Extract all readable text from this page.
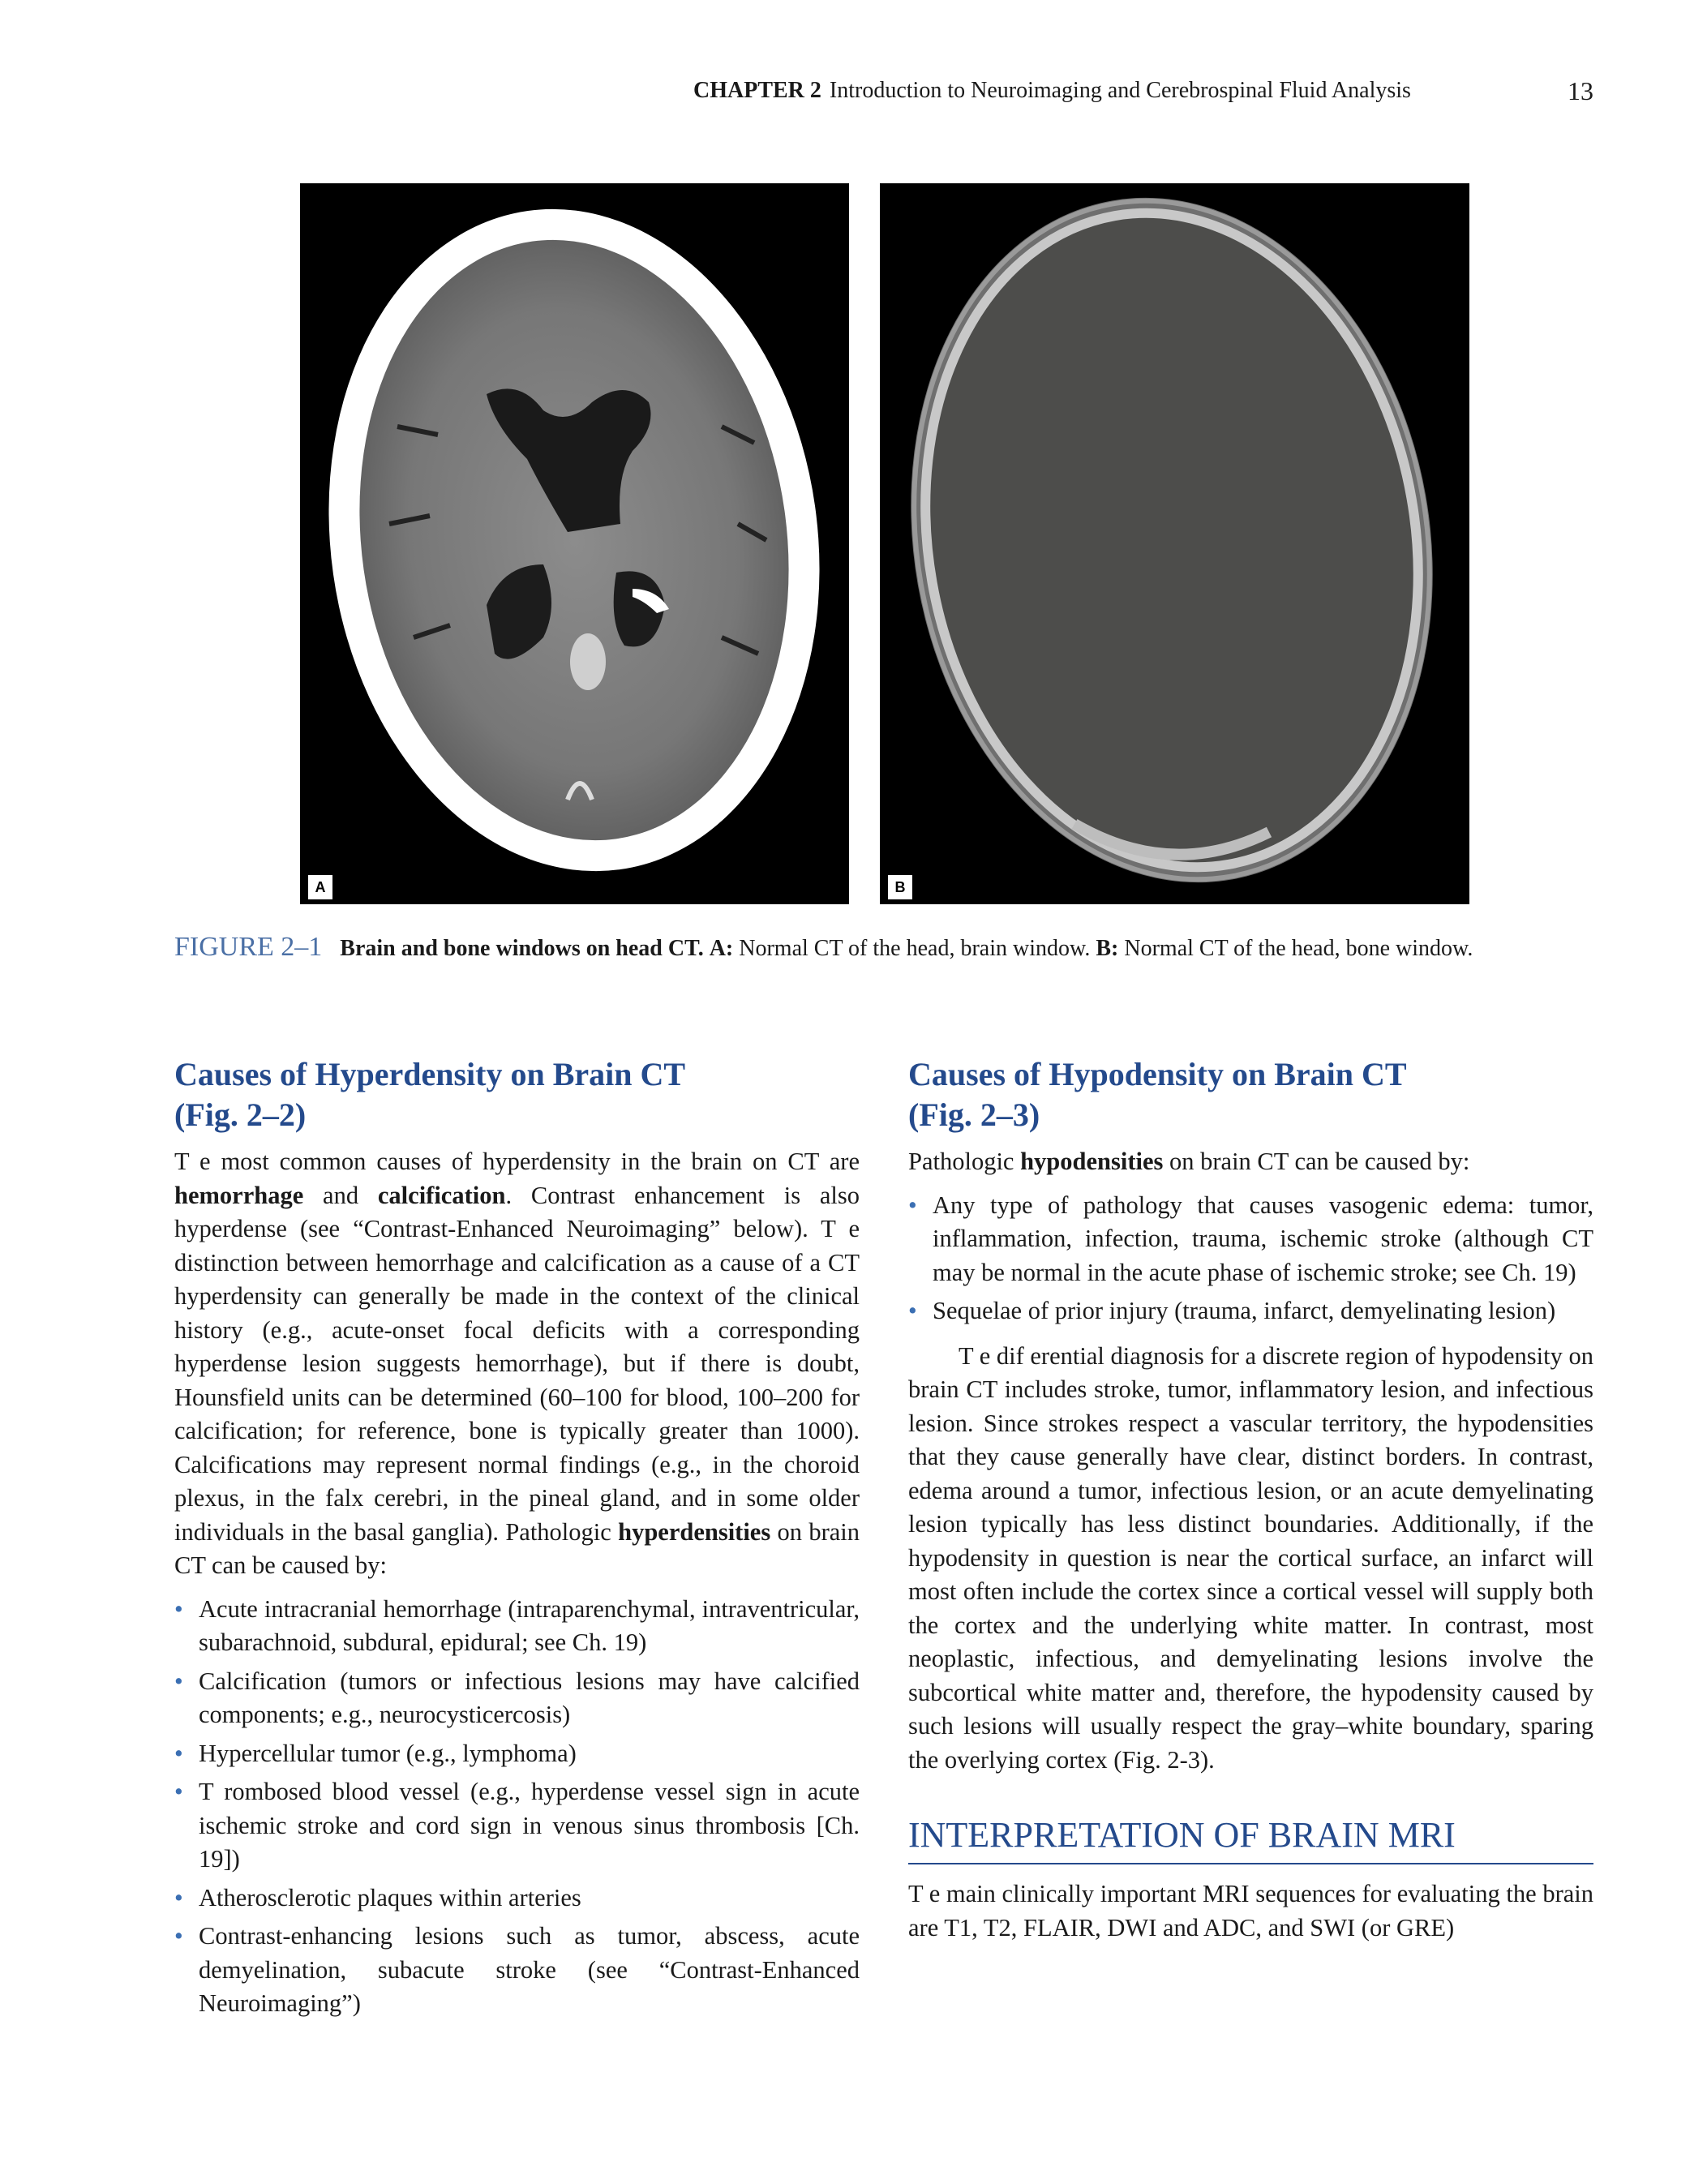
CHAPTER 2 Introduction to Neuroimaging and Cerebrospinal Fluid Analysis	13
A	B
FIGURE 2–1 Brain and bone windows on head CT. A: Normal CT of the head, brain window. B: Normal CT of the head, bone window.
Causes of Hyperdensity on Brain CT
(Fig. 2–2)

T e most common causes of hyperdensity in the brain on CT are hemorrhage and calcification. Contrast enhancement is also hyperdense (see “Contrast-Enhanced Neuroimaging” below). T e distinction between hemorrhage and calcification as a cause of a CT hyperdensity can generally be made in the context of the clinical history (e.g., acute-onset focal deficits with a corresponding hyperdense lesion suggests hemorrhage), but if there is doubt, Hounsfield units can be determined (60–100 for blood, 100–200 for calcification; for reference, bone is typically greater than 1000). Calcifications may represent normal findings (e.g., in the choroid plexus, in the falx cerebri, in the pineal gland, and in some older individuals in the basal ganglia). Pathologic hyperdensities on brain CT can be caused by:

• Acute intracranial hemorrhage (intraparenchymal, intraventricular, subarachnoid, subdural, epidural; see Ch. 19)
• Calcification (tumors or infectious lesions may have calcified components; e.g., neurocysticercosis)
• Hypercellular tumor (e.g., lymphoma)
• T rombosed blood vessel (e.g., hyperdense vessel sign in acute ischemic stroke and cord sign in venous sinus thrombosis [Ch. 19])
• Atherosclerotic plaques within arteries
• Contrast-enhancing lesions such as tumor, abscess, acute demyelination, subacute stroke (see “Contrast-Enhanced Neuroimaging”)
Causes of Hypodensity on Brain CT
(Fig. 2–3)

Pathologic hypodensities on brain CT can be caused by:

• Any type of pathology that causes vasogenic edema: tumor, inflammation, infection, trauma, ischemic stroke (although CT may be normal in the acute phase of ischemic stroke; see Ch. 19)
• Sequelae of prior injury (trauma, infarct, demyelinating lesion)

T e dif erential diagnosis for a discrete region of hypodensity on brain CT includes stroke, tumor, inflammatory lesion, and infectious lesion. Since strokes respect a vascular territory, the hypodensities that they cause generally have clear, distinct borders. In contrast, edema around a tumor, infectious lesion, or an acute demyelinating lesion typically has less distinct boundaries. Additionally, if the hypodensity in question is near the cortical surface, an infarct will most often include the cortex since a cortical vessel will supply both the cortex and the underlying white matter. In contrast, most neoplastic, infectious, and demyelinating lesions involve the subcortical white matter and, therefore, the hypodensity caused by such lesions will usually respect the gray–white boundary, sparing the overlying cortex (Fig. 2-3).

INTERPRETATION OF BRAIN MRI

T e main clinically important MRI sequences for evaluating the brain are T1, T2, FLAIR, DWI and ADC, and SWI (or GRE)
